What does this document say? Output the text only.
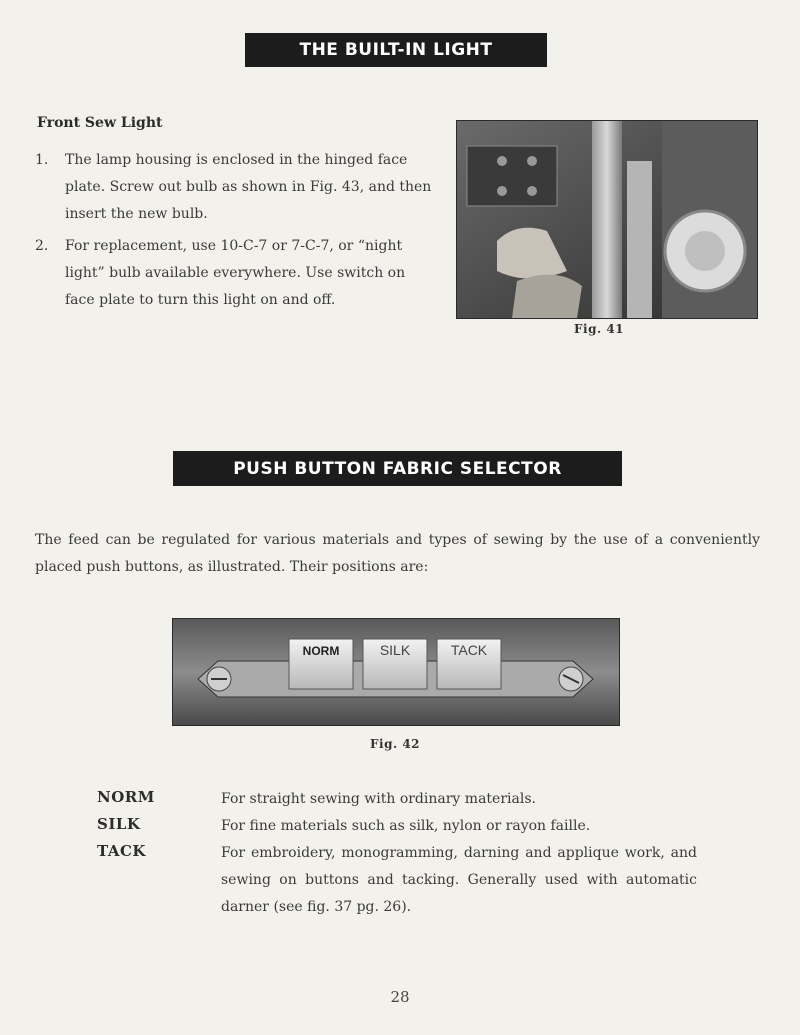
THE BUILT-IN LIGHT
Front Sew Light
1. The lamp housing is enclosed in the hinged face plate. Screw out bulb as shown in Fig. 43, and then insert the new bulb.
2. For replacement, use 10-C-7 or 7-C-7, or “night light” bulb available everywhere. Use switch on face plate to turn this light on and off.
Fig. 41
PUSH BUTTON FABRIC SELECTOR
The feed can be regulated for various materials and types of sewing by the use of a conveniently placed push buttons, as illustrated. Their positions are:
NORM	SILK	TACK
Fig. 42
NORM	For straight sewing with ordinary materials.
SILK	For fine materials such as silk, nylon or rayon faille.
TACK	For embroidery, monogramming, darning and applique work, and sewing on buttons and tacking. Generally used with automatic darner (see fig. 37 pg. 26).
28
